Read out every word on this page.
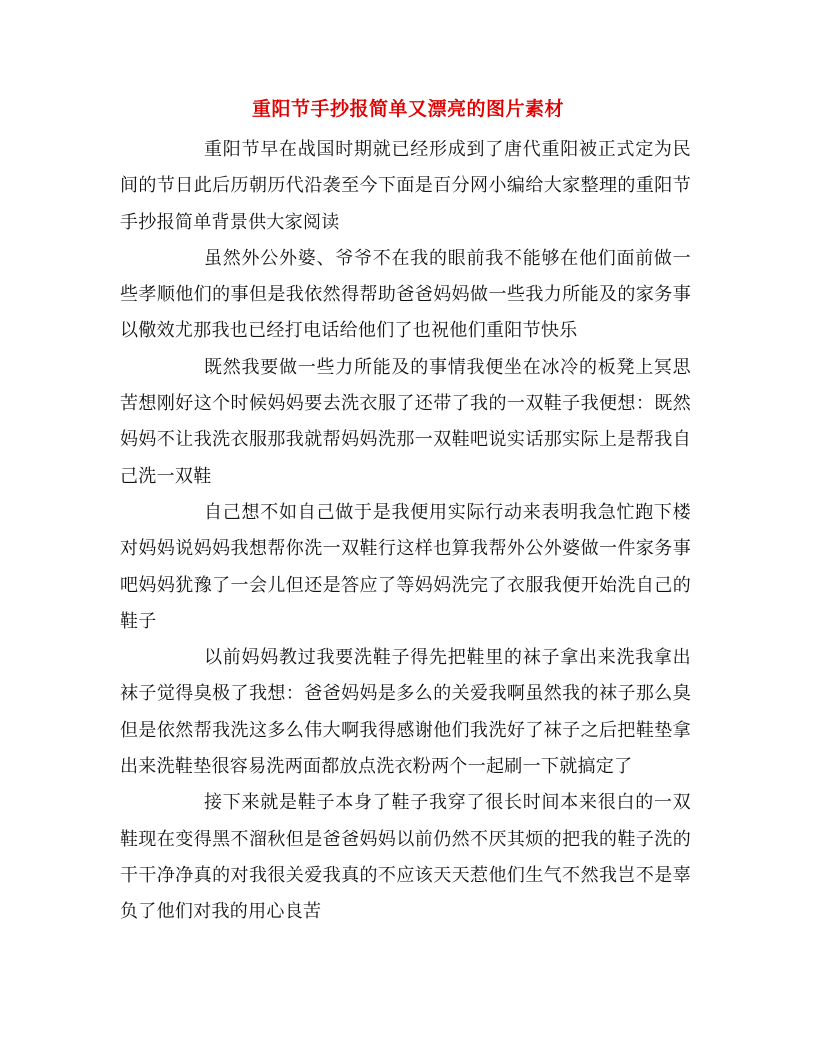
重阳节手抄报简单又漂亮的图片素材

重阳节早在战国时期就已经形成到了唐代重阳被正式定为民间的节日此后历朝历代沿袭至今下面是百分网小编给大家整理的重阳节手抄报简单背景供大家阅读

虽然外公外婆、爷爷不在我的眼前我不能够在他们面前做一些孝顺他们的事但是我依然得帮助爸爸妈妈做一些我力所能及的家务事以儆效尤那我也已经打电话给他们了也祝他们重阳节快乐

既然我要做一些力所能及的事情我便坐在冰冷的板凳上冥思苦想刚好这个时候妈妈要去洗衣服了还带了我的一双鞋子我便想：既然妈妈不让我洗衣服那我就帮妈妈洗那一双鞋吧说实话那实际上是帮我自己洗一双鞋

自己想不如自己做于是我便用实际行动来表明我急忙跑下楼对妈妈说妈妈我想帮你洗一双鞋行这样也算我帮外公外婆做一件家务事吧妈妈犹豫了一会儿但还是答应了等妈妈洗完了衣服我便开始洗自己的鞋子

以前妈妈教过我要洗鞋子得先把鞋里的袜子拿出来洗我拿出袜子觉得臭极了我想：爸爸妈妈是多么的关爱我啊虽然我的袜子那么臭但是依然帮我洗这多么伟大啊我得感谢他们我洗好了袜子之后把鞋垫拿出来洗鞋垫很容易洗两面都放点洗衣粉两个一起刷一下就搞定了

接下来就是鞋子本身了鞋子我穿了很长时间本来很白的一双鞋现在变得黑不溜秋但是爸爸妈妈以前仍然不厌其烦的把我的鞋子洗的干干净净真的对我很关爱我真的不应该天天惹他们生气不然我岂不是辜负了他们对我的用心良苦
